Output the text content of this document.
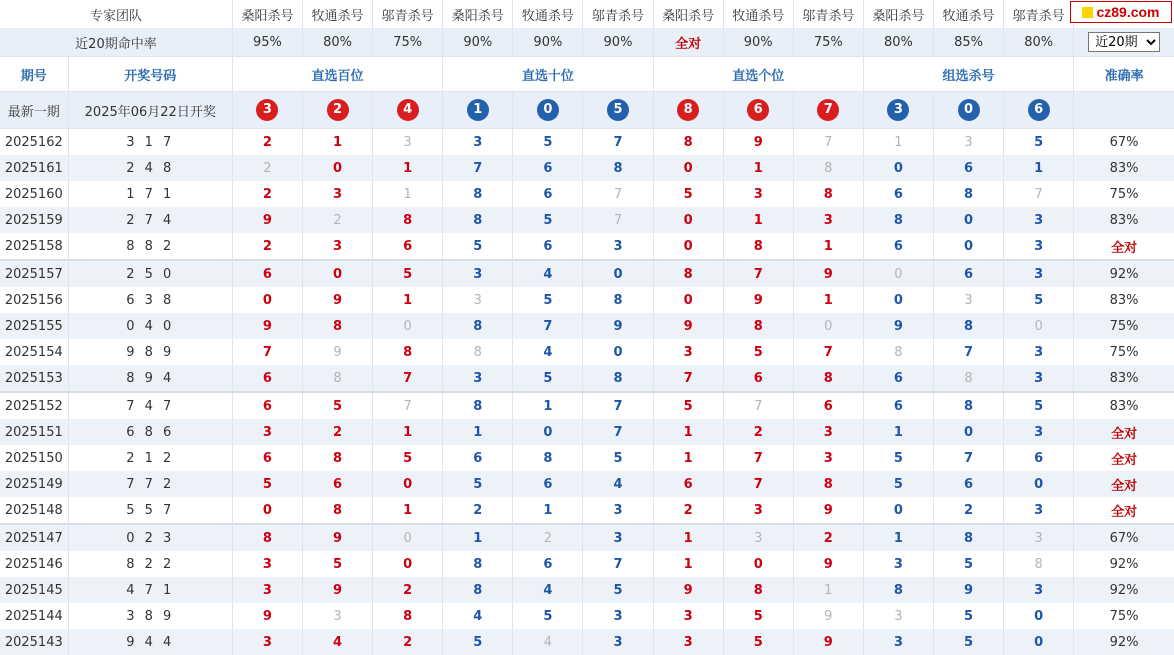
cz89.com
专家团队		桑阳杀号	牧通杀号	邬青杀号	桑阳杀号	牧通杀号	邬青杀号	桑阳杀号	牧通杀号	邬青杀号	桑阳杀号	牧通杀号	邬青杀号	
近20期命中率		95%	80%	75%	90%	90%	90%	全对	90%	75%	80%	85%	80%	
近20期
期号	开奖号码	直选百位			直选十位			直选个位			组选杀号			准确率
最新一期	2025年06月22日开奖	3	2	4	1	0	5	8	6	7	3	0	6	
2025162	3 1 7	2	1	3	3	5	7	8	9	7	1	3	5	67%
2025161	2 4 8	2	0	1	7	6	8	0	1	8	0	6	1	83%
2025160	1 7 1	2	3	1	8	6	7	5	3	8	6	8	7	75%
2025159	2 7 4	9	2	8	8	5	7	0	1	3	8	0	3	83%
2025158	8 8 2	2	3	6	5	6	3	0	8	1	6	0	3	全对
2025157	2 5 0	6	0	5	3	4	0	8	7	9	0	6	3	92%
2025156	6 3 8	0	9	1	3	5	8	0	9	1	0	3	5	83%
2025155	0 4 0	9	8	0	8	7	9	9	8	0	9	8	0	75%
2025154	9 8 9	7	9	8	8	4	0	3	5	7	8	7	3	75%
2025153	8 9 4	6	8	7	3	5	8	7	6	8	6	8	3	83%
2025152	7 4 7	6	5	7	8	1	7	5	7	6	6	8	5	83%
2025151	6 8 6	3	2	1	1	0	7	1	2	3	1	0	3	全对
2025150	2 1 2	6	8	5	6	8	5	1	7	3	5	7	6	全对
2025149	7 7 2	5	6	0	5	6	4	6	7	8	5	6	0	全对
2025148	5 5 7	0	8	1	2	1	3	2	3	9	0	2	3	全对
2025147	0 2 3	8	9	0	1	2	3	1	3	2	1	8	3	67%
2025146	8 2 2	3	5	0	8	6	7	1	0	9	3	5	8	92%
2025145	4 7 1	3	9	2	8	4	5	9	8	1	8	9	3	92%
2025144	3 8 9	9	3	8	4	5	3	3	5	9	3	5	0	75%
2025143	9 4 4	3	4	2	5	4	3	3	5	9	3	5	0	92%
